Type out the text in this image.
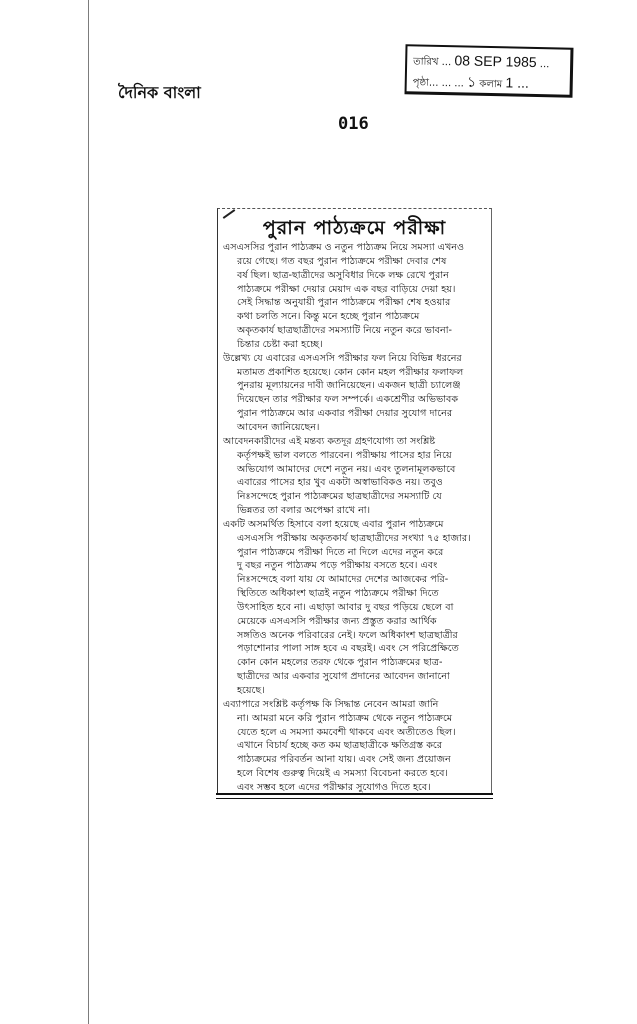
দৈনিক বাংলা
016
তারিখ ... 08 SEP 1985 ...
পৃষ্ঠা... ... ... ১ কলাম 1 ...
পুরান পাঠ্যক্রমে পরীক্ষা
এসএসসির পুরান পাঠ্যক্রম ও নতুন পাঠ্যক্রম নিয়ে সমস্যা এখনও
রয়ে গেছে। গত বছর পুরান পাঠ্যক্রমে পরীক্ষা দেবার শেষ
বর্ষ ছিল। ছাত্র-ছাত্রীদের অসুবিধার দিকে লক্ষ রেখে পুরান
পাঠ্যক্রমে পরীক্ষা দেয়ার মেয়াদ এক বছর বাড়িয়ে দেয়া হয়।
সেই সিদ্ধান্ত অনুযায়ী পুরান পাঠ্যক্রমে পরীক্ষা শেষ হওয়ার
কথা চলতি সনে। কিন্তু মনে হচ্ছে পুরান পাঠ্যক্রমে
অকৃতকার্য ছাত্রছাত্রীদের সমস্যাটি নিয়ে নতুন করে ভাবনা-
চিন্তার চেষ্টা করা হচ্ছে।
উল্লেখ্য যে এবারের এসএসসি পরীক্ষার ফল নিয়ে বিভিন্ন ধরনের
মতামত প্রকাশিত হয়েছে। কোন কোন মহল পরীক্ষার ফলাফল
পুনরায় মূল্যায়নের দাবী জানিয়েছেন। একজন ছাত্রী চ্যালেঞ্জ
দিয়েছেন তার পরীক্ষার ফল সম্পর্কে। একশ্রেণীর অভিভাবক
পুরান পাঠ্যক্রমে আর একবার পরীক্ষা দেয়ার সুযোগ দানের
আবেদন জানিয়েছেন।
আবেদনকারীদের এই মন্তব্য কতদূর গ্রহণযোগ্য তা সংশ্লিষ্ট
কর্তৃপক্ষই ভাল বলতে পারবেন। পরীক্ষায় পাসের হার নিয়ে
অভিযোগ আমাদের দেশে নতুন নয়। এবং তুলনামূলকভাবে
এবারের পাসের হার খুব একটা অস্বাভাবিকও নয়। তবুও
নিঃসন্দেহে পুরান পাঠ্যক্রমের ছাত্রছাত্রীদের সমস্যাটি যে
ভিন্নতর তা বলার অপেক্ষা রাখে না।
একটি অসমর্থিত হিসাবে বলা হয়েছে এবার পুরান পাঠ্যক্রমে
এসএসসি পরীক্ষায় অকৃতকার্য ছাত্রছাত্রীদের সংখ্যা ৭৫ হাজার।
পুরান পাঠ্যক্রমে পরীক্ষা দিতে না দিলে এদের নতুন করে
দু বছর নতুন পাঠ্যক্রম পড়ে পরীক্ষায় বসতে হবে। এবং
নিঃসন্দেহে বলা যায় যে আমাদের দেশের আজকের পরি-
স্থিতিতে অধিকাংশ ছাত্রই নতুন পাঠ্যক্রমে পরীক্ষা দিতে
উৎসাহিত হবে না। এছাড়া আবার দু বছর পড়িয়ে ছেলে বা
মেয়েকে এসএসসি পরীক্ষার জন্য প্রস্তুত করার আর্থিক
সঙ্গতিও অনেক পরিবারের নেই। ফলে অধিকাংশ ছাত্রছাত্রীর
পড়াশোনার পালা সাঙ্গ হবে এ বছরই। এবং সে পরিপ্রেক্ষিতে
কোন কোন মহলের তরফ থেকে পুরান পাঠ্যক্রমের ছাত্র-
ছাত্রীদের আর একবার সুযোগ প্রদানের আবেদন জানানো
হয়েছে।
এব্যাপারে সংশ্লিষ্ট কর্তৃপক্ষ কি সিদ্ধান্ত নেবেন আমরা জানি
না। আমরা মনে করি পুরান পাঠ্যক্রম থেকে নতুন পাঠ্যক্রমে
যেতে হলে এ সমস্যা কমবেশী থাকবে এবং অতীতেও ছিল।
এখানে বিচার্য হচ্ছে কত কম ছাত্রছাত্রীকে ক্ষতিগ্রস্ত করে
পাঠ্যক্রমের পরিবর্তন আনা যায়। এবং সেই জন্য প্রয়োজন
হলে বিশেষ গুরুত্ব দিয়েই এ সমস্যা বিবেচনা করতে হবে।
এবং সম্ভব হলে এদের পরীক্ষার সুযোগও দিতে হবে।
